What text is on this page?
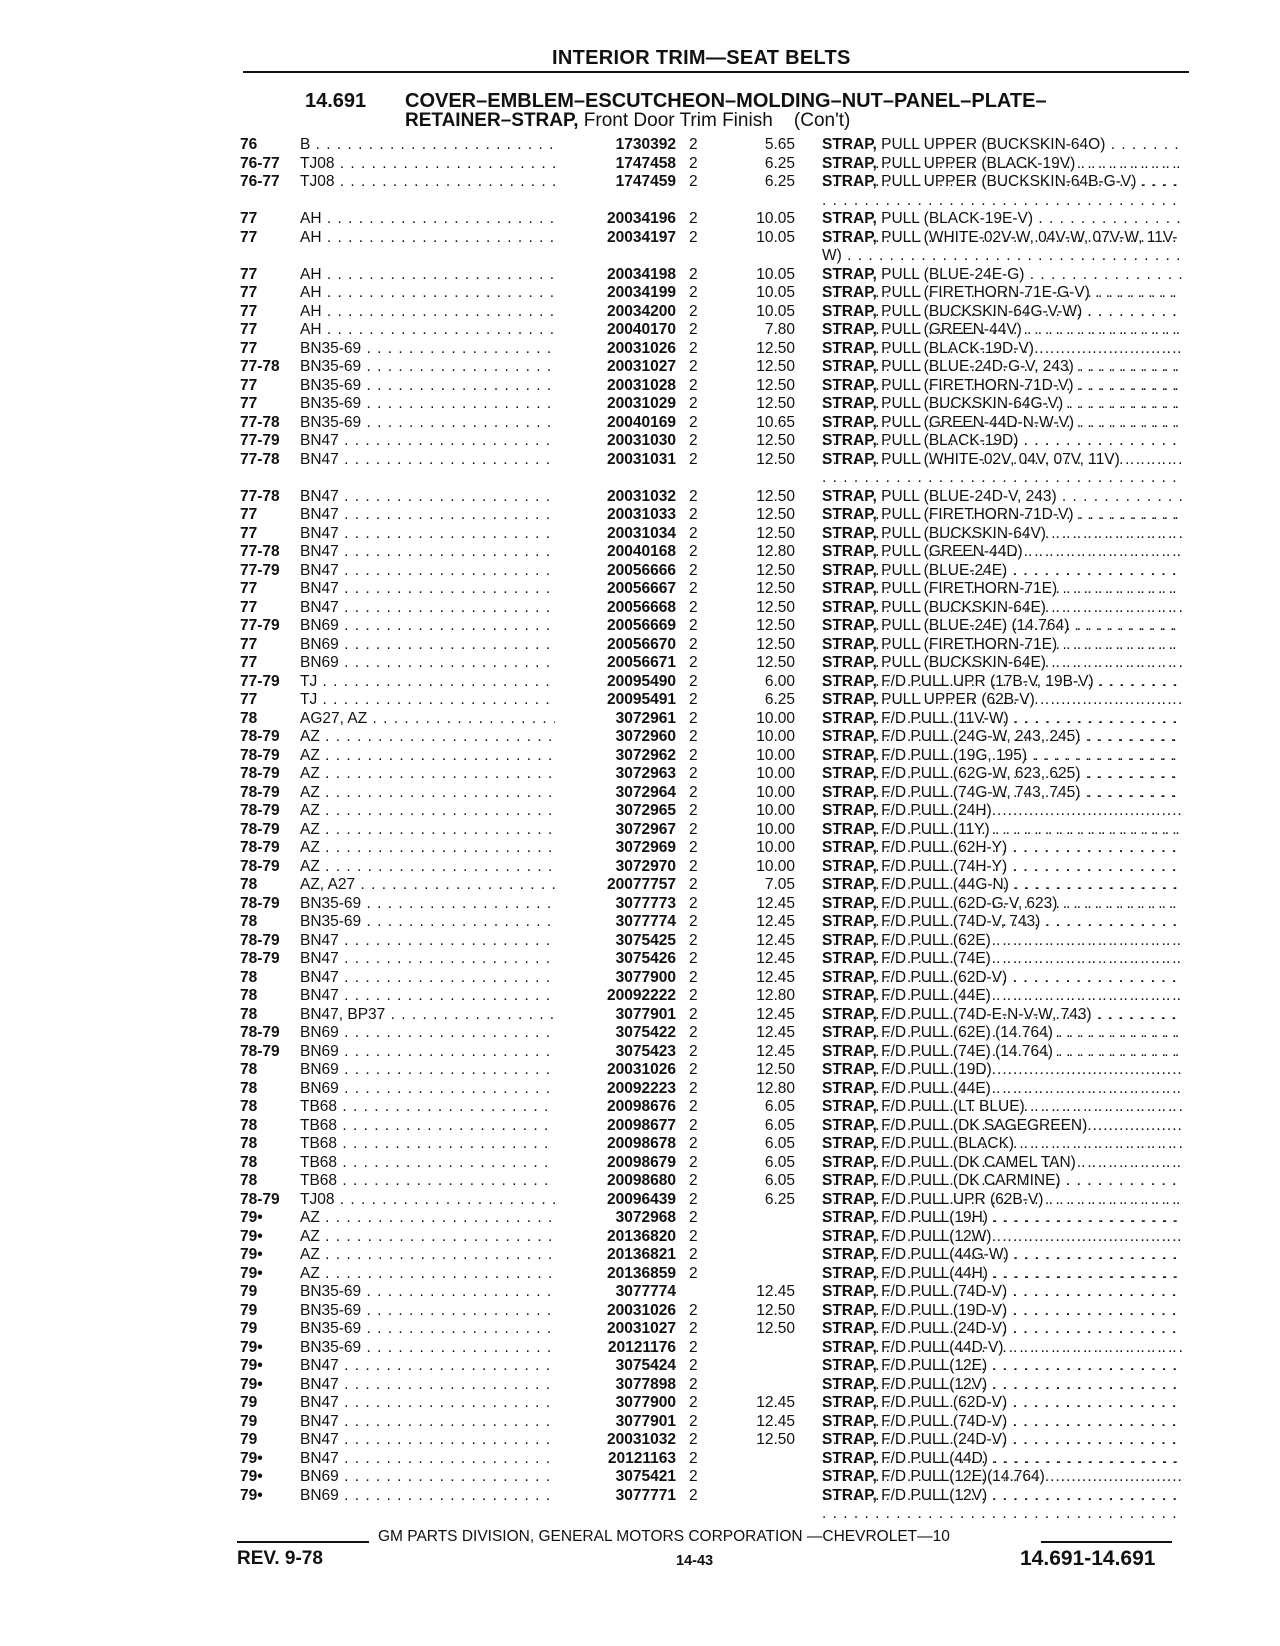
INTERIOR TRIM—SEAT BELTS
14.691 COVER–EMBLEM–ESCUTCHEON–MOLDING–NUT–PANEL–PLATE–
RETAINER–STRAP, Front Door Trim Finish (Con't)
76	B . . .	1730392 2	5.65 STRAP, PULL UPPER (BUCKSKIN-64O) . . .
76-77 TJ08 . . .	1747458 2	6.25 STRAP, PULL UPPER (BLACK-19V) . . .
76-77 TJ08 . . .	1747459 2	6.25 STRAP, PULL UPPER (BUCKSKIN-64B-G-V) . . .
77	AH . . .	20034196 2	10.05 STRAP, PULL (BLACK-19E-V) . . .
77	AH . . .	20034197 2	10.05 STRAP, PULL (WHITE-02V-W, 04V-W, 07V-W, 11V-W) . . .
77	AH . . .	20034198 2	10.05 STRAP, PULL (BLUE-24E-G) . . .
77	AH . . .	20034199 2	10.05 STRAP, PULL (FIRETHORN-71E-G-V) . . .
77	AH . . .	20034200 2	10.05 STRAP, PULL (BUCKSKIN-64G-V-W) . . .
77	AH . . .	20040170 2	7.80 STRAP, PULL (GREEN-44V) . . .
77	BN35-69 . . .	20031026 2	12.50 STRAP, PULL (BLACK-19D-V) . . .
77-78 BN35-69 . . .	20031027 2	12.50 STRAP, PULL (BLUE-24D-G-V, 243) . . .
77	BN35-69 . . .	20031028 2	12.50 STRAP, PULL (FIRETHORN-71D-V) . . .
77	BN35-69 . . .	20031029 2	12.50 STRAP, PULL (BUCKSKIN-64G-V) . . .
77-78 BN35-69 . . .	20040169 2	10.65 STRAP, PULL (GREEN-44D-N-W-V) . . .
77-79 BN47 . . .	20031030 2	12.50 STRAP, PULL (BLACK-19D) . . .
77-78 BN47 . . .	20031031 2	12.50 STRAP, PULL (WHITE-02V, 04V, 07V, 11V) . . .
77-78 BN47 . . .	20031032 2	12.50 STRAP, PULL (BLUE-24D-V, 243) . . .
77	BN47 . . .	20031033 2	12.50 STRAP, PULL (FIRETHORN-71D-V) . . .
77	BN47 . . .	20031034 2	12.50 STRAP, PULL (BUCKSKIN-64V) . . .
77-78 BN47 . . .	20040168 2	12.80 STRAP, PULL (GREEN-44D) . . .
77-79 BN47 . . .	20056666 2	12.50 STRAP, PULL (BLUE-24E) . . .
77	BN47 . . .	20056667 2	12.50 STRAP, PULL (FIRETHORN-71E) . . .
77	BN47 . . .	20056668 2	12.50 STRAP, PULL (BUCKSKIN-64E) . . .
77-79 BN69 . . .	20056669 2	12.50 STRAP, PULL (BLUE-24E) (14.764) . . .
77	BN69 . . .	20056670 2	12.50 STRAP, PULL (FIRETHORN-71E) . . .
77	BN69 . . .	20056671 2	12.50 STRAP, PULL (BUCKSKIN-64E) . . .
77-79 TJ . . .	20095490 2	6.00 STRAP, F/D PULL UPR (17B-V, 19B-V) . . .
77	TJ . . .	20095491 2	6.25 STRAP, PULL UPPER (62B-V) . . .
78	AG27, AZ . . .	3072961 2	10.00 STRAP, F/D PULL (11V-W) . . .
78-79 AZ . . .	3072960 2	10.00 STRAP, F/D PULL (24G-W, 243, 245) . . .
78-79 AZ . . .	3072962 2	10.00 STRAP, F/D PULL (19G, 195) . . .
78-79 AZ . . .	3072963 2	10.00 STRAP, F/D PULL (62G-W, 623, 625) . . .
78-79 AZ . . .	3072964 2	10.00 STRAP, F/D PULL (74G-W, 743, 745) . . .
78-79 AZ . . .	3072965 2	10.00 STRAP, F/D PULL (24H) . . .
78-79 AZ . . .	3072967 2	10.00 STRAP, F/D PULL (11Y) . . .
78-79 AZ . . .	3072969 2	10.00 STRAP, F/D PULL (62H-Y) . . .
78-79 AZ . . .	3072970 2	10.00 STRAP, F/D PULL (74H-Y) . . .
78	AZ, A27 . . .	20077757 2	7.05 STRAP, F/D PULL (44G-N) . . .
78-79 BN35-69 . . .	3077773 2	12.45 STRAP, F/D PULL (62D-G-V, 623) . . .
78	BN35-69 . . .	3077774 2	12.45 STRAP, F/D PULL (74D-V, 743) . . .
78-79 BN47 . . .	3075425 2	12.45 STRAP, F/D PULL (62E) . . .
78-79 BN47 . . .	3075426 2	12.45 STRAP, F/D PULL (74E) . . .
78	BN47 . . .	3077900 2	12.45 STRAP, F/D PULL (62D-V) . . .
78	BN47 . . .	20092222 2	12.80 STRAP, F/D PULL (44E) . . .
78	BN47, BP37 . . .	3077901 2	12.45 STRAP, F/D PULL (74D-E-N-V-W, 743) . . .
78-79 BN69 . . .	3075422 2	12.45 STRAP, F/D PULL (62E) (14.764) . . .
78-79 BN69 . . .	3075423 2	12.45 STRAP, F/D PULL (74E) (14.764) . . .
78	BN69 . . .	20031026 2	12.50 STRAP, F/D PULL (19D) . . .
78	BN69 . . .	20092223 2	12.80 STRAP, F/D PULL (44E) . . .
78	TB68 . . .	20098676 2	6.05 STRAP, F/D PULL (LT BLUE) . . .
78	TB68 . . .	20098677 2	6.05 STRAP, F/D PULL (DK SAGEGREEN) . . .
78	TB68 . . .	20098678 2	6.05 STRAP, F/D PULL (BLACK) . . .
78	TB68 . . .	20098679 2	6.05 STRAP, F/D PULL (DK CAMEL TAN) . . .
78	TB68 . . .	20098680 2	6.05 STRAP, F/D PULL (DK CARMINE) . . .
78-79 TJ08 . . .	20096439 2	6.25 STRAP, F/D PULL UPR (62B-V) . . .
79• AZ . . .	3072968 2	STRAP, F/D PULL(19H) . . .
79• AZ . . .	20136820 2	STRAP, F/D PULL(12W) . . .
79• AZ . . .	20136821 2	STRAP, F/D PULL(44G-W) . . .
79• AZ . . .	20136859 2	STRAP, F/D PULL(44H) . . .
79	BN35-69 . . .	3077774	12.45 STRAP, F/D PULL (74D-V) . . .
79	BN35-69 . . .	20031026 2	12.50 STRAP, F/D PULL (19D-V) . . .
79	BN35-69 . . .	20031027 2	12.50 STRAP, F/D PULL (24D-V) . . .
79• BN35-69 . . .	20121176 2	STRAP, F/D PULL(44D-V) . . .
79• BN47 . . .	3075424 2	STRAP, F/D PULL(12E) . . .
79• BN47 . . .	3077898 2	STRAP, F/D PULL(12V) . . .
79	BN47 . . .	3077900 2	12.45 STRAP, F/D PULL (62D-V) . . .
79	BN47 . . .	3077901 2	12.45 STRAP, F/D PULL (74D-V) . . .
79	BN47 . . .	20031032 2	12.50 STRAP, F/D PULL (24D-V) . . .
79• BN47 . . .	20121163 2	STRAP, F/D PULL(44D) . . .
79• BN69 . . .	3075421 2	STRAP, F/D PULL(12E)(14.764) . . .
79• BN69 . . .	3077771 2	STRAP, F/D PULL(12V) . . .
GM PARTS DIVISION, GENERAL MOTORS CORPORATION —CHEVROLET—10
REV. 9-78	14-43	14.691-14.691
